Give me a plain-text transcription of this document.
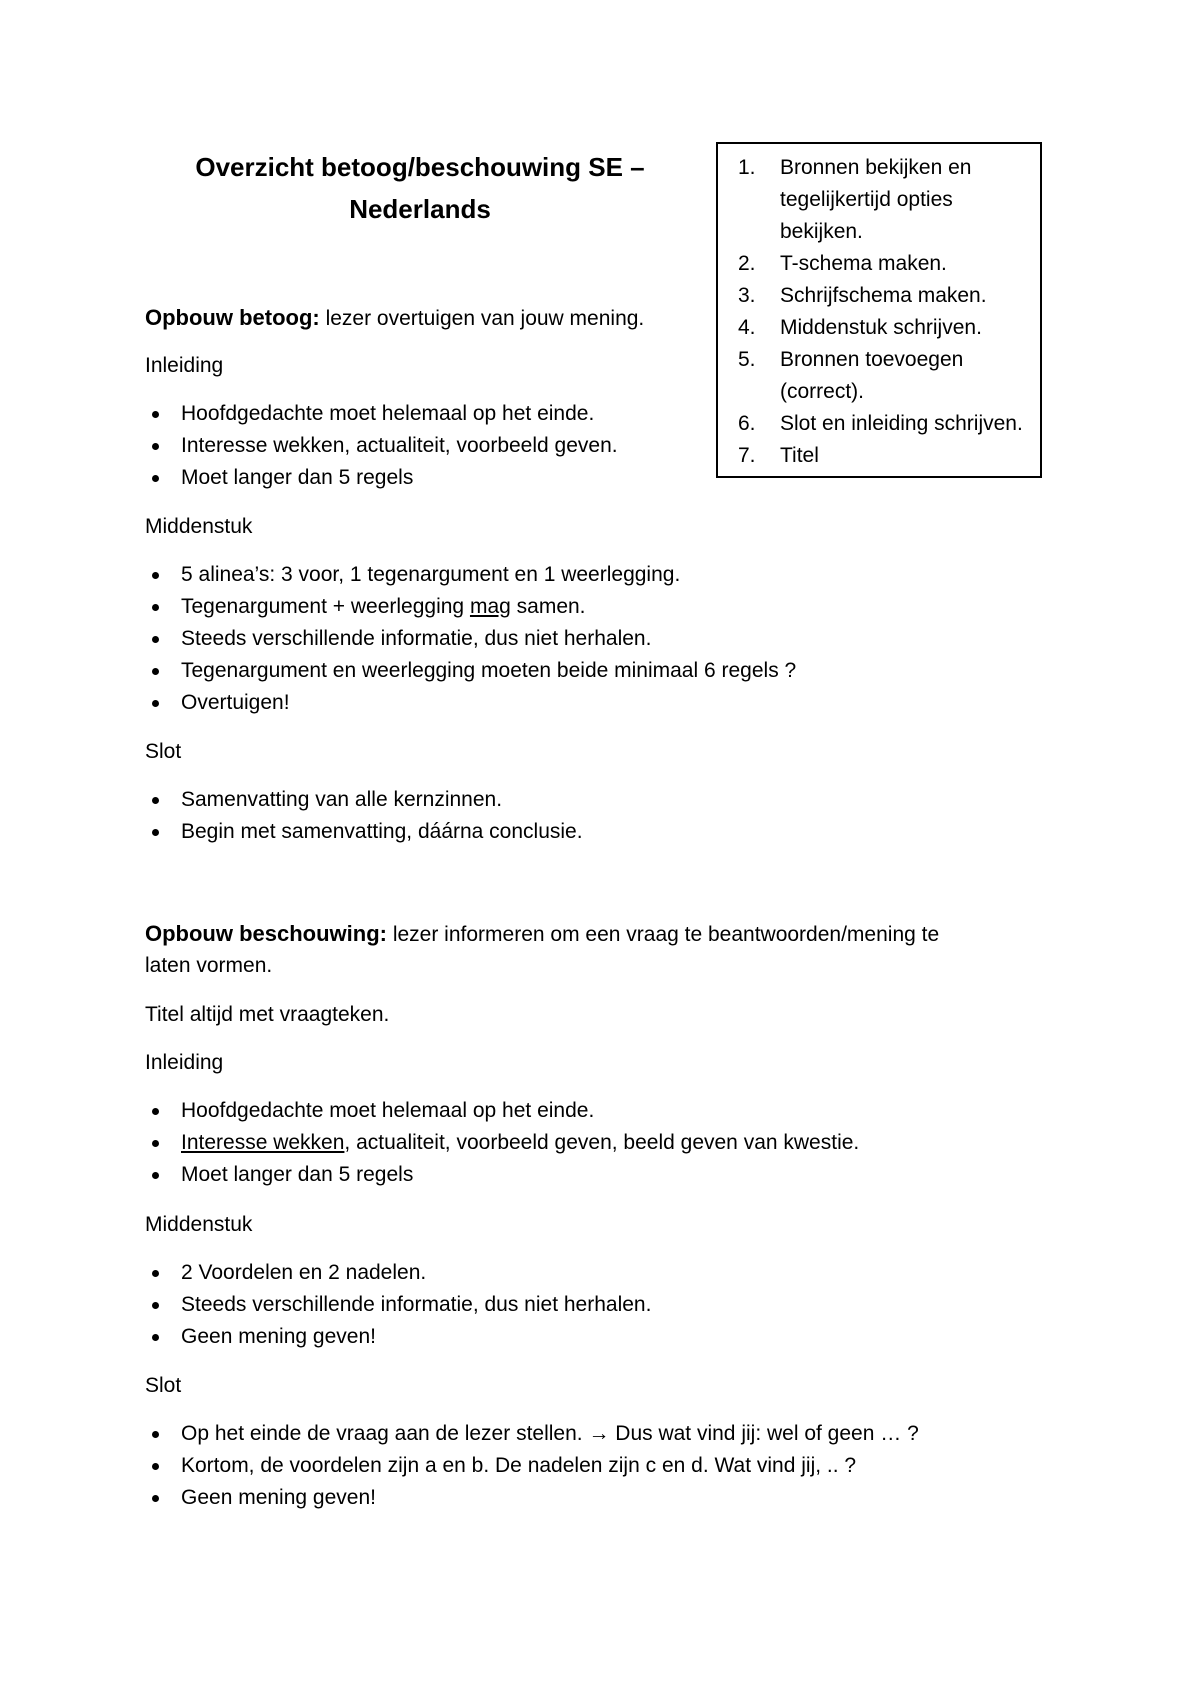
Overzicht betoog/beschouwing SE –
Nederlands
1.	Bronnen bekijken en tegelijkertijd opties bekijken.
2.	T-schema maken.
3.	Schrijfschema maken.
4.	Middenstuk schrijven.
5.	Bronnen toevoegen (correct).
6.	Slot en inleiding schrijven.
7.	Titel
Opbouw betoog: lezer overtuigen van jouw mening.
Inleiding
Hoofdgedachte moet helemaal op het einde.
Interesse wekken, actualiteit, voorbeeld geven.
Moet langer dan 5 regels
Middenstuk
5 alinea’s: 3 voor, 1 tegenargument en 1 weerlegging.
Tegenargument + weerlegging mag samen.
Steeds verschillende informatie, dus niet herhalen.
Tegenargument en weerlegging moeten beide minimaal 6 regels ?
Overtuigen!
Slot
Samenvatting van alle kernzinnen.
Begin met samenvatting, dáárna conclusie.
Opbouw beschouwing: lezer informeren om een vraag te beantwoorden/mening te
laten vormen.
Titel altijd met vraagteken.
Inleiding
Hoofdgedachte moet helemaal op het einde.
Interesse wekken, actualiteit, voorbeeld geven, beeld geven van kwestie.
Moet langer dan 5 regels
Middenstuk
2 Voordelen en 2 nadelen.
Steeds verschillende informatie, dus niet herhalen.
Geen mening geven!
Slot
Op het einde de vraag aan de lezer stellen. → Dus wat vind jij: wel of geen … ?
Kortom, de voordelen zijn a en b. De nadelen zijn c en d. Wat vind jij, .. ?
Geen mening geven!
